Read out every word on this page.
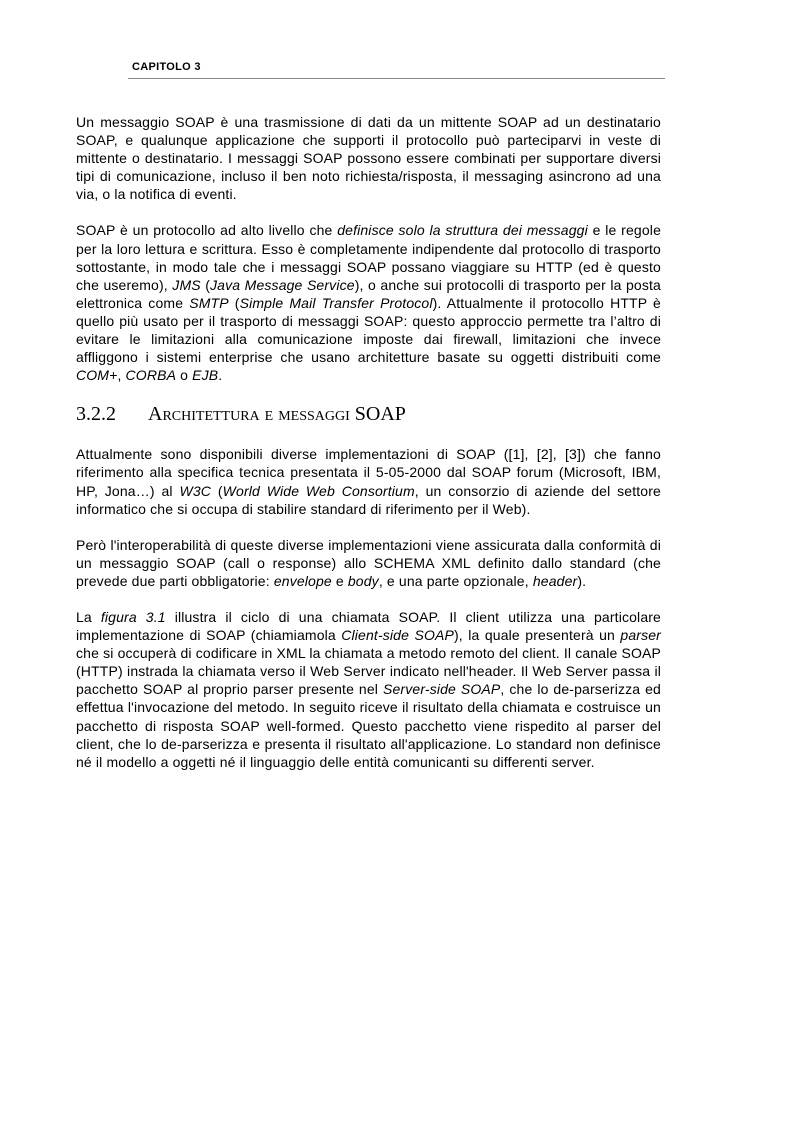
CAPITOLO 3

Un messaggio SOAP è una trasmissione di dati da un mittente SOAP ad un destinatario SOAP, e qualunque applicazione che supporti il protocollo può parteciparvi in veste di mittente o destinatario. I messaggi SOAP possono essere combinati per supportare diversi tipi di comunicazione, incluso il ben noto richiesta/risposta, il messaging asincrono ad una via, o la notifica di eventi.

SOAP è un protocollo ad alto livello che definisce solo la struttura dei messaggi e le regole per la loro lettura e scrittura. Esso è completamente indipendente dal protocollo di trasporto sottostante, in modo tale che i messaggi SOAP possano viaggiare su HTTP (ed è questo che useremo), JMS (Java Message Service), o anche sui protocolli di trasporto per la posta elettronica come SMTP (Simple Mail Transfer Protocol). Attualmente il protocollo HTTP è quello più usato per il trasporto di messaggi SOAP: questo approccio permette tra l’altro di evitare le limitazioni alla comunicazione imposte dai firewall, limitazioni che invece affliggono i sistemi enterprise che usano architetture basate su oggetti distribuiti come COM+, CORBA o EJB.

3.2.2 Architettura e messaggi SOAP

Attualmente sono disponibili diverse implementazioni di SOAP ([1], [2], [3]) che fanno riferimento alla specifica tecnica presentata il 5-05-2000 dal SOAP forum (Microsoft, IBM, HP, Jona…) al W3C (World Wide Web Consortium, un consorzio di aziende del settore informatico che si occupa di stabilire standard di riferimento per il Web).

Però l'interoperabilità di queste diverse implementazioni viene assicurata dalla conformità di un messaggio SOAP (call o response) allo SCHEMA XML definito dallo standard (che prevede due parti obbligatorie: envelope e body, e una parte opzionale, header).

La figura 3.1 illustra il ciclo di una chiamata SOAP. Il client utilizza una particolare implementazione di SOAP (chiamiamola Client-side SOAP), la quale presenterà un parser che si occuperà di codificare in XML la chiamata a metodo remoto del client. Il canale SOAP (HTTP) instrada la chiamata verso il Web Server indicato nell'header. Il Web Server passa il pacchetto SOAP al proprio parser presente nel Server-side SOAP, che lo de-parserizza ed effettua l'invocazione del metodo. In seguito riceve il risultato della chiamata e costruisce un pacchetto di risposta SOAP well-formed. Questo pacchetto viene rispedito al parser del client, che lo de-parserizza e presenta il risultato all'applicazione. Lo standard non definisce né il modello a oggetti né il linguaggio delle entità comunicanti su differenti server.
